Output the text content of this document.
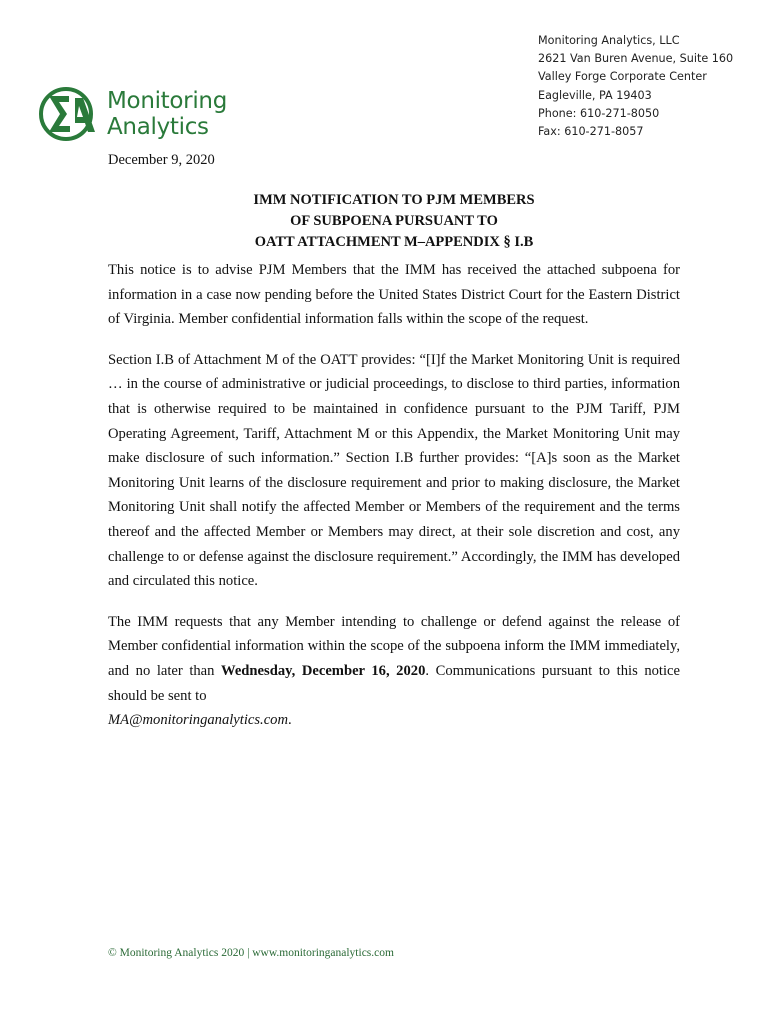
Monitoring
Analytics
Monitoring Analytics, LLC
2621 Van Buren Avenue, Suite 160
Valley Forge Corporate Center
Eagleville, PA 19403
Phone: 610-271-8050
Fax: 610-271-8057
December 9, 2020
IMM NOTIFICATION TO PJM MEMBERS
OF SUBPOENA PURSUANT TO
OATT ATTACHMENT M–APPENDIX § I.B

This notice is to advise PJM Members that the IMM has received the attached subpoena for information in a case now pending before the United States District Court for the Eastern District of Virginia. Member confidential information falls within the scope of the request.

Section I.B of Attachment M of the OATT provides: “[I]f the Market Monitoring Unit is required … in the course of administrative or judicial proceedings, to disclose to third parties, information that is otherwise required to be maintained in confidence pursuant to the PJM Tariff, PJM Operating Agreement, Tariff, Attachment M or this Appendix, the Market Monitoring Unit may make disclosure of such information.” Section I.B further provides: “[A]s soon as the Market Monitoring Unit learns of the disclosure requirement and prior to making disclosure, the Market Monitoring Unit shall notify the affected Member or Members of the requirement and the terms thereof and the affected Member or Members may direct, at their sole discretion and cost, any challenge to or defense against the disclosure requirement.” Accordingly, the IMM has developed and circulated this notice.

The IMM requests that any Member intending to challenge or defend against the release of Member confidential information within the scope of the subpoena inform the IMM immediately, and no later than Wednesday, December 16, 2020. Communications pursuant to this notice should be sent to
MA@monitoringanalytics.com.

© Monitoring Analytics 2020 | www.monitoringanalytics.com
